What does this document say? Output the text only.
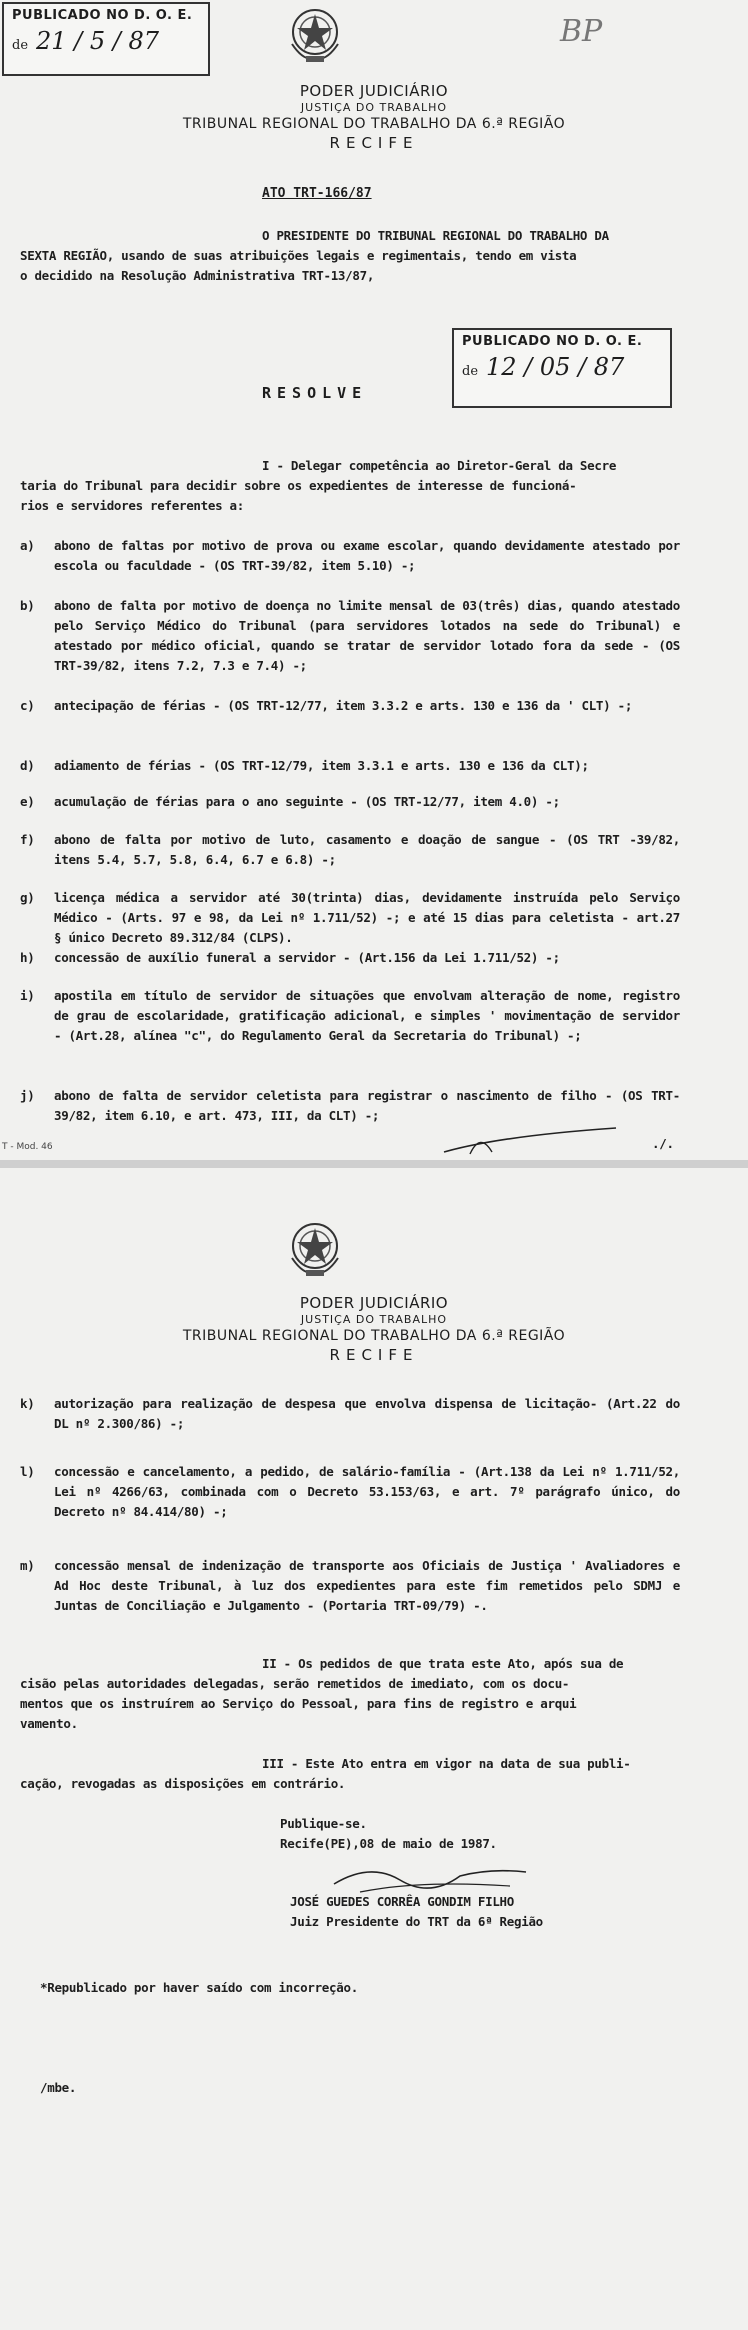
PUBLICADO NO D. O. E.
de 21 / 5 / 87	BP
PODER JUDICIÁRIO
JUSTIÇA DO TRABALHO
TRIBUNAL REGIONAL DO TRABALHO DA 6.ª REGIÃO
RECIFE
ATO TRT-166/87
O PRESIDENTE DO TRIBUNAL REGIONAL DO TRABALHO DA
SEXTA REGIÃO, usando de suas atribuições legais e regimentais, tendo em vista
o decidido na Resolução Administrativa TRT-13/87,
RESOLVE
PUBLICADO NO D. O. E.
de 12 / 05 / 87
I - Delegar competência ao Diretor-Geral da Secre
taria do Tribunal para decidir sobre os expedientes de interesse de funcioná-
rios e servidores referentes a:
a) abono de faltas por motivo de prova ou exame escolar, quando devidamente atestado por escola ou faculdade - (OS TRT-39/82, item 5.10) -;
b) abono de falta por motivo de doença no limite mensal de 03(três) dias, quando atestado pelo Serviço Médico do Tribunal (para servidores lotados na sede do Tribunal) e atestado por médico oficial, quando se tratar de servidor lotado fora da sede - (OS TRT-39/82, itens 7.2, 7.3 e 7.4) -;
c) antecipação de férias - (OS TRT-12/77, item 3.3.2 e arts. 130 e 136 da ' CLT) -;
d) adiamento de férias - (OS TRT-12/79, item 3.3.1 e arts. 130 e 136 da CLT);
e) acumulação de férias para o ano seguinte - (OS TRT-12/77, item 4.0) -;
f) abono de falta por motivo de luto, casamento e doação de sangue - (OS TRT -39/82, itens 5.4, 5.7, 5.8, 6.4, 6.7 e 6.8) -;
g) licença médica a servidor até 30(trinta) dias, devidamente instruída pelo Serviço Médico - (Arts. 97 e 98, da Lei nº 1.711/52) -; e até 15 dias para celetista - art.27 § único Decreto 89.312/84 (CLPS).
h) concessão de auxílio funeral a servidor - (Art.156 da Lei 1.711/52) -;
i) apostila em título de servidor de situações que envolvam alteração de nome, registro de grau de escolaridade, gratificação adicional, e simples ' movimentação de servidor - (Art.28, alínea "c", do Regulamento Geral da Secretaria do Tribunal) -;
j) abono de falta de servidor celetista para registrar o nascimento de filho - (OS TRT-39/82, item 6.10, e art. 473, III, da CLT) -;
./.
T - Mod. 46
PODER JUDICIÁRIO
JUSTIÇA DO TRABALHO
TRIBUNAL REGIONAL DO TRABALHO DA 6.ª REGIÃO
RECIFE
k) autorização para realização de despesa que envolva dispensa de licitação- (Art.22 do DL nº 2.300/86) -;
l) concessão e cancelamento, a pedido, de salário-família - (Art.138 da Lei nº 1.711/52, Lei nº 4266/63, combinada com o Decreto 53.153/63, e art. 7º parágrafo único, do Decreto nº 84.414/80) -;
m) concessão mensal de indenização de transporte aos Oficiais de Justiça ' Avaliadores e Ad Hoc deste Tribunal, à luz dos expedientes para este fim remetidos pelo SDMJ e Juntas de Conciliação e Julgamento - (Portaria TRT-09/79) -.
II - Os pedidos de que trata este Ato, após sua de
cisão pelas autoridades delegadas, serão remetidos de imediato, com os docu-
mentos que os instruírem ao Serviço do Pessoal, para fins de registro e arqui
vamento.
III - Este Ato entra em vigor na data de sua publi-
cação, revogadas as disposições em contrário.
Publique-se.
Recife(PE),08 de maio de 1987.
JOSÉ GUEDES CORRÊA GONDIM FILHO
Juiz Presidente do TRT da 6ª Região
*Republicado por haver saído com incorreção.
/mbe.
